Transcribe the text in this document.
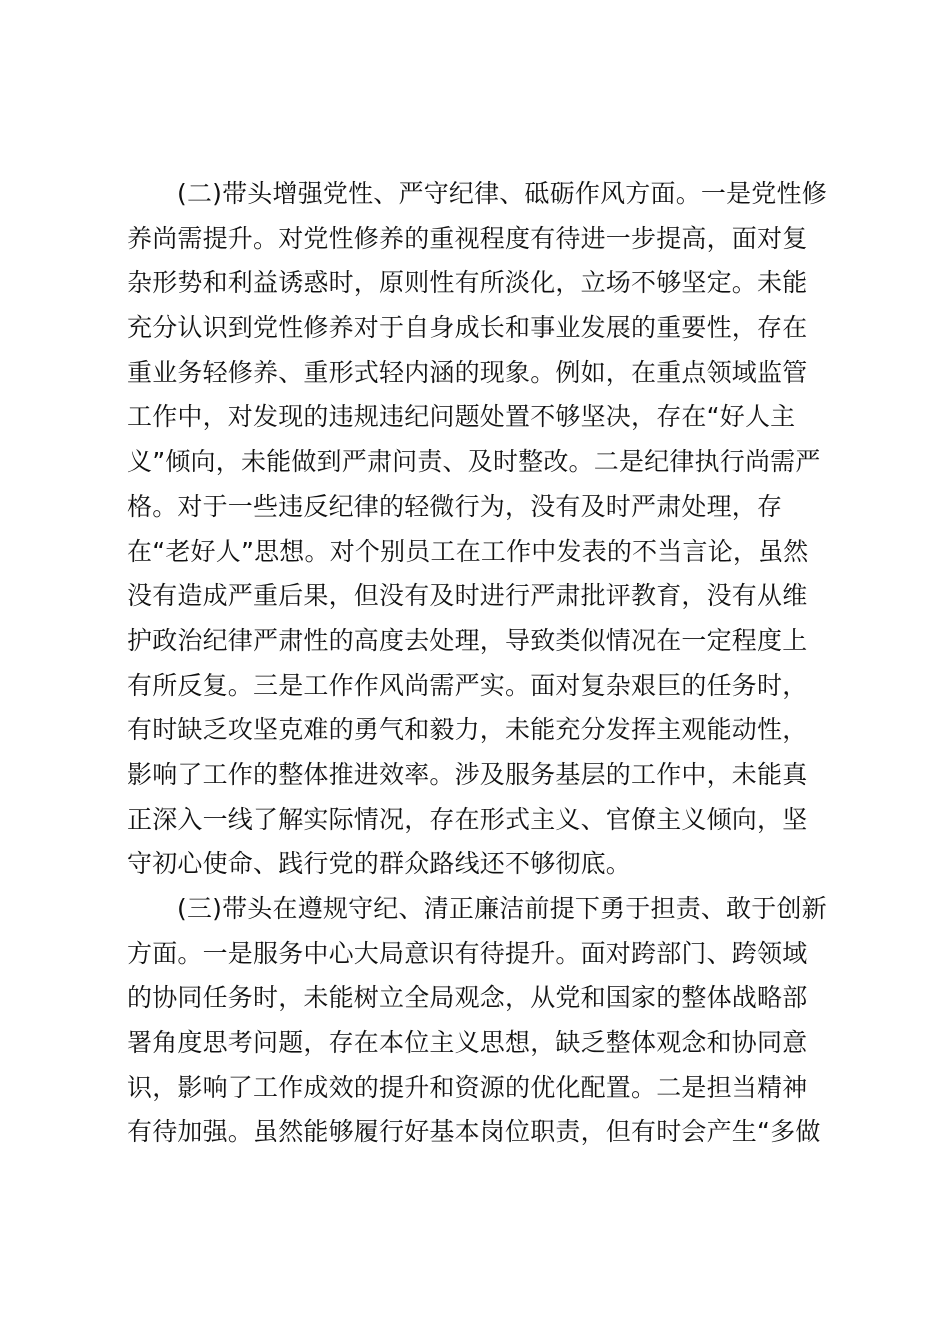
(二)带头增强党性、严守纪律、砥砺作风方面。一是党性修
养尚需提升。对党性修养的重视程度有待进一步提高，面对复
杂形势和利益诱惑时，原则性有所淡化，立场不够坚定。未能
充分认识到党性修养对于自身成长和事业发展的重要性，存在
重业务轻修养、重形式轻内涵的现象。例如，在重点领域监管
工作中，对发现的违规违纪问题处置不够坚决，存在“好人主
义”倾向，未能做到严肃问责、及时整改。二是纪律执行尚需严
格。对于一些违反纪律的轻微行为，没有及时严肃处理，存
在“老好人”思想。对个别员工在工作中发表的不当言论，虽然
没有造成严重后果，但没有及时进行严肃批评教育，没有从维
护政治纪律严肃性的高度去处理，导致类似情况在一定程度上
有所反复。三是工作作风尚需严实。面对复杂艰巨的任务时，
有时缺乏攻坚克难的勇气和毅力，未能充分发挥主观能动性，
影响了工作的整体推进效率。涉及服务基层的工作中，未能真
正深入一线了解实际情况，存在形式主义、官僚主义倾向，坚
守初心使命、践行党的群众路线还不够彻底。
(三)带头在遵规守纪、清正廉洁前提下勇于担责、敢于创新
方面。一是服务中心大局意识有待提升。面对跨部门、跨领域
的协同任务时，未能树立全局观念，从党和国家的整体战略部
署角度思考问题，存在本位主义思想，缺乏整体观念和协同意
识，影响了工作成效的提升和资源的优化配置。二是担当精神
有待加强。虽然能够履行好基本岗位职责，但有时会产生“多做
